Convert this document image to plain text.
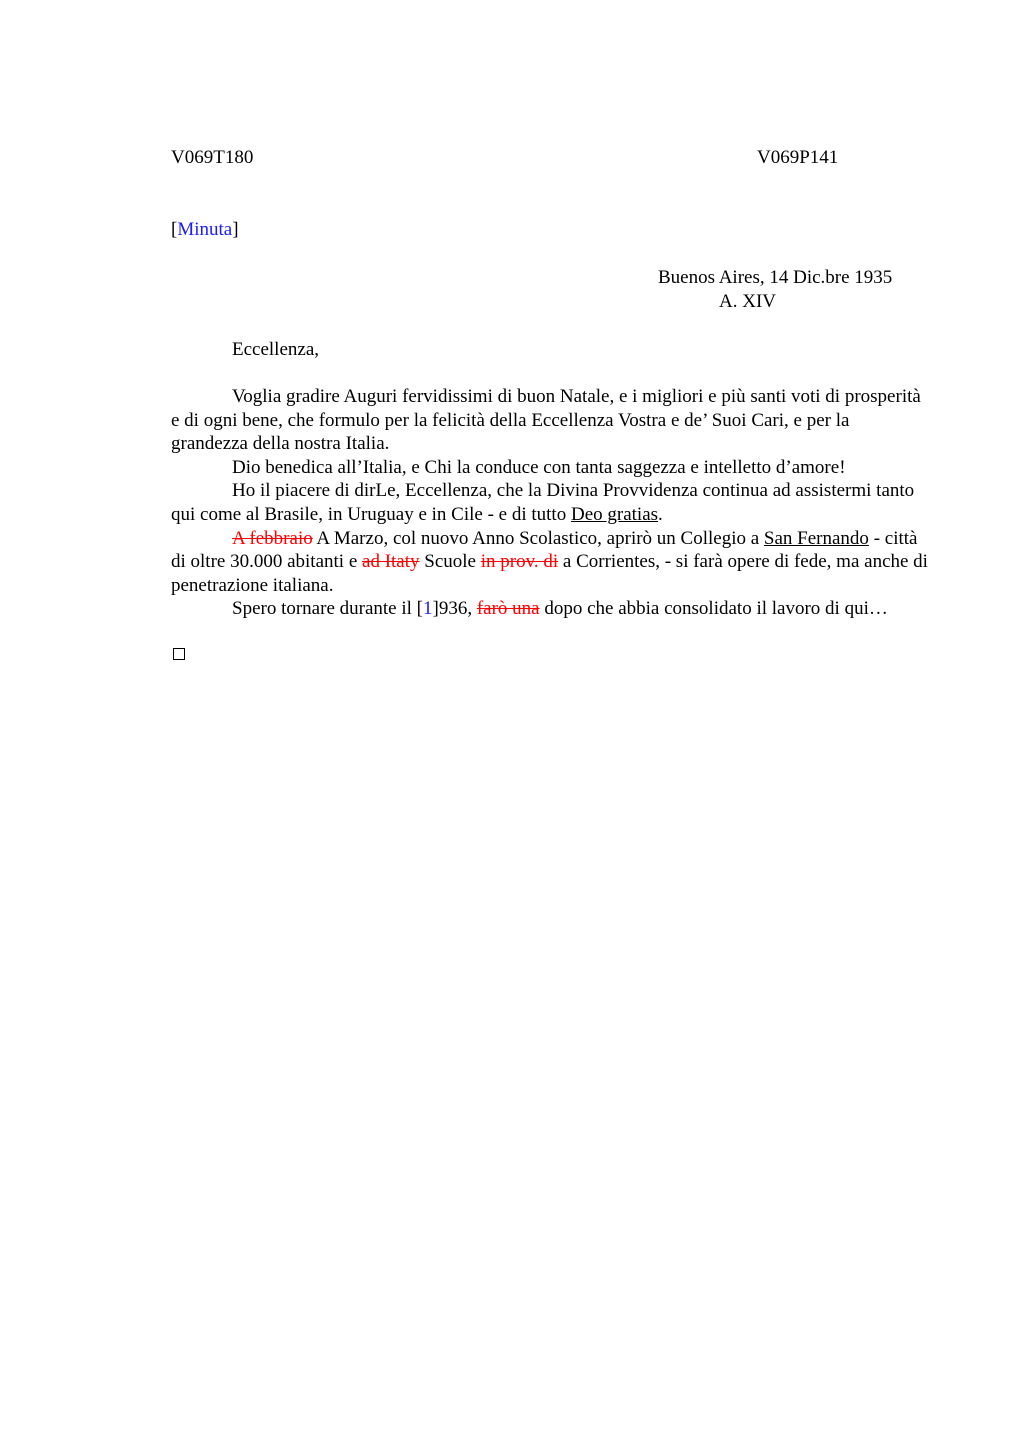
V069T180	V069P141
[Minuta]
Buenos Aires, 14 Dic.bre 1935
A. XIV
Eccellenza,

Voglia gradire Auguri fervidissimi di buon Natale, e i migliori e più santi voti di prosperità e di ogni bene, che formulo per la felicità della Eccellenza Vostra e de’ Suoi Cari, e per la grandezza della nostra Italia.

Dio benedica all’Italia, e Chi la conduce con tanta saggezza e intelletto d’amore!

Ho il piacere di dirLe, Eccellenza, che la Divina Provvidenza continua ad assistermi tanto qui come al Brasile, in Uruguay e in Cile - e di tutto Deo gratias.

A febbraio A Marzo, col nuovo Anno Scolastico, aprirò un Collegio a San Fernando - città di oltre 30.000 abitanti e ad Itaty Scuole in prov. di a Corrientes, - si farà opere di fede, ma anche di penetrazione italiana.

Spero tornare durante il [1]936, farò una dopo che abbia consolidato il lavoro di qui…
